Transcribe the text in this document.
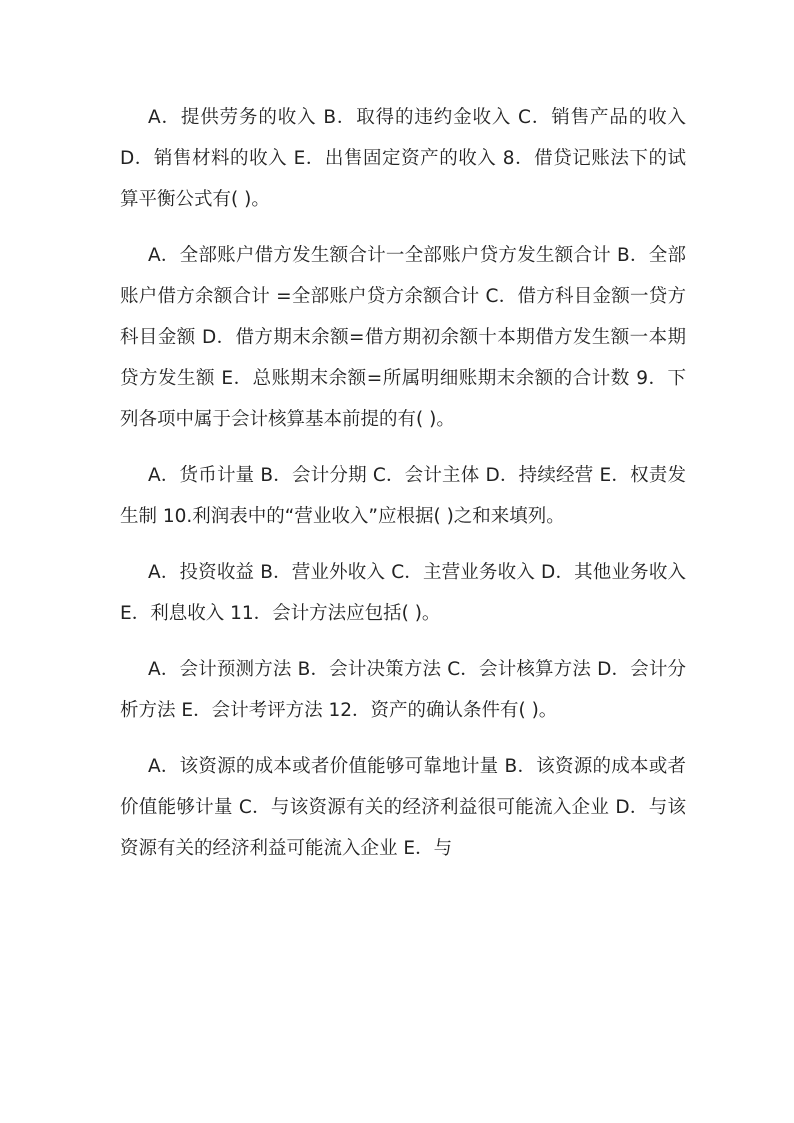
A．提供劳务的收入 B．取得的违约金收入 C．销售产品的收入 D．销售材料的收入 E．出售固定资产的收入 8．借贷记账法下的试算平衡公式有( )。

A．全部账户借方发生额合计一全部账户贷方发生额合计 B．全部账户借方余额合计 =全部账户贷方余额合计 C．借方科目金额一贷方科目金额 D．借方期末余额=借方期初余额十本期借方发生额一本期贷方发生额 E．总账期末余额=所属明细账期末余额的合计数 9．下列各项中属于会计核算基本前提的有( )。

A．货币计量 B．会计分期 C．会计主体 D．持续经营 E．权责发生制 10.利润表中的“营业收入”应根据( )之和来填列。

A．投资收益 B．营业外收入 C．主营业务收入 D．其他业务收入 E．利息收入 11．会计方法应包括( )。

A．会计预测方法 B．会计决策方法 C．会计核算方法 D．会计分析方法 E．会计考评方法 12．资产的确认条件有( )。

A．该资源的成本或者价值能够可靠地计量 B．该资源的成本或者价值能够计量 C．与该资源有关的经济利益很可能流入企业 D．与该资源有关的经济利益可能流入企业 E．与
